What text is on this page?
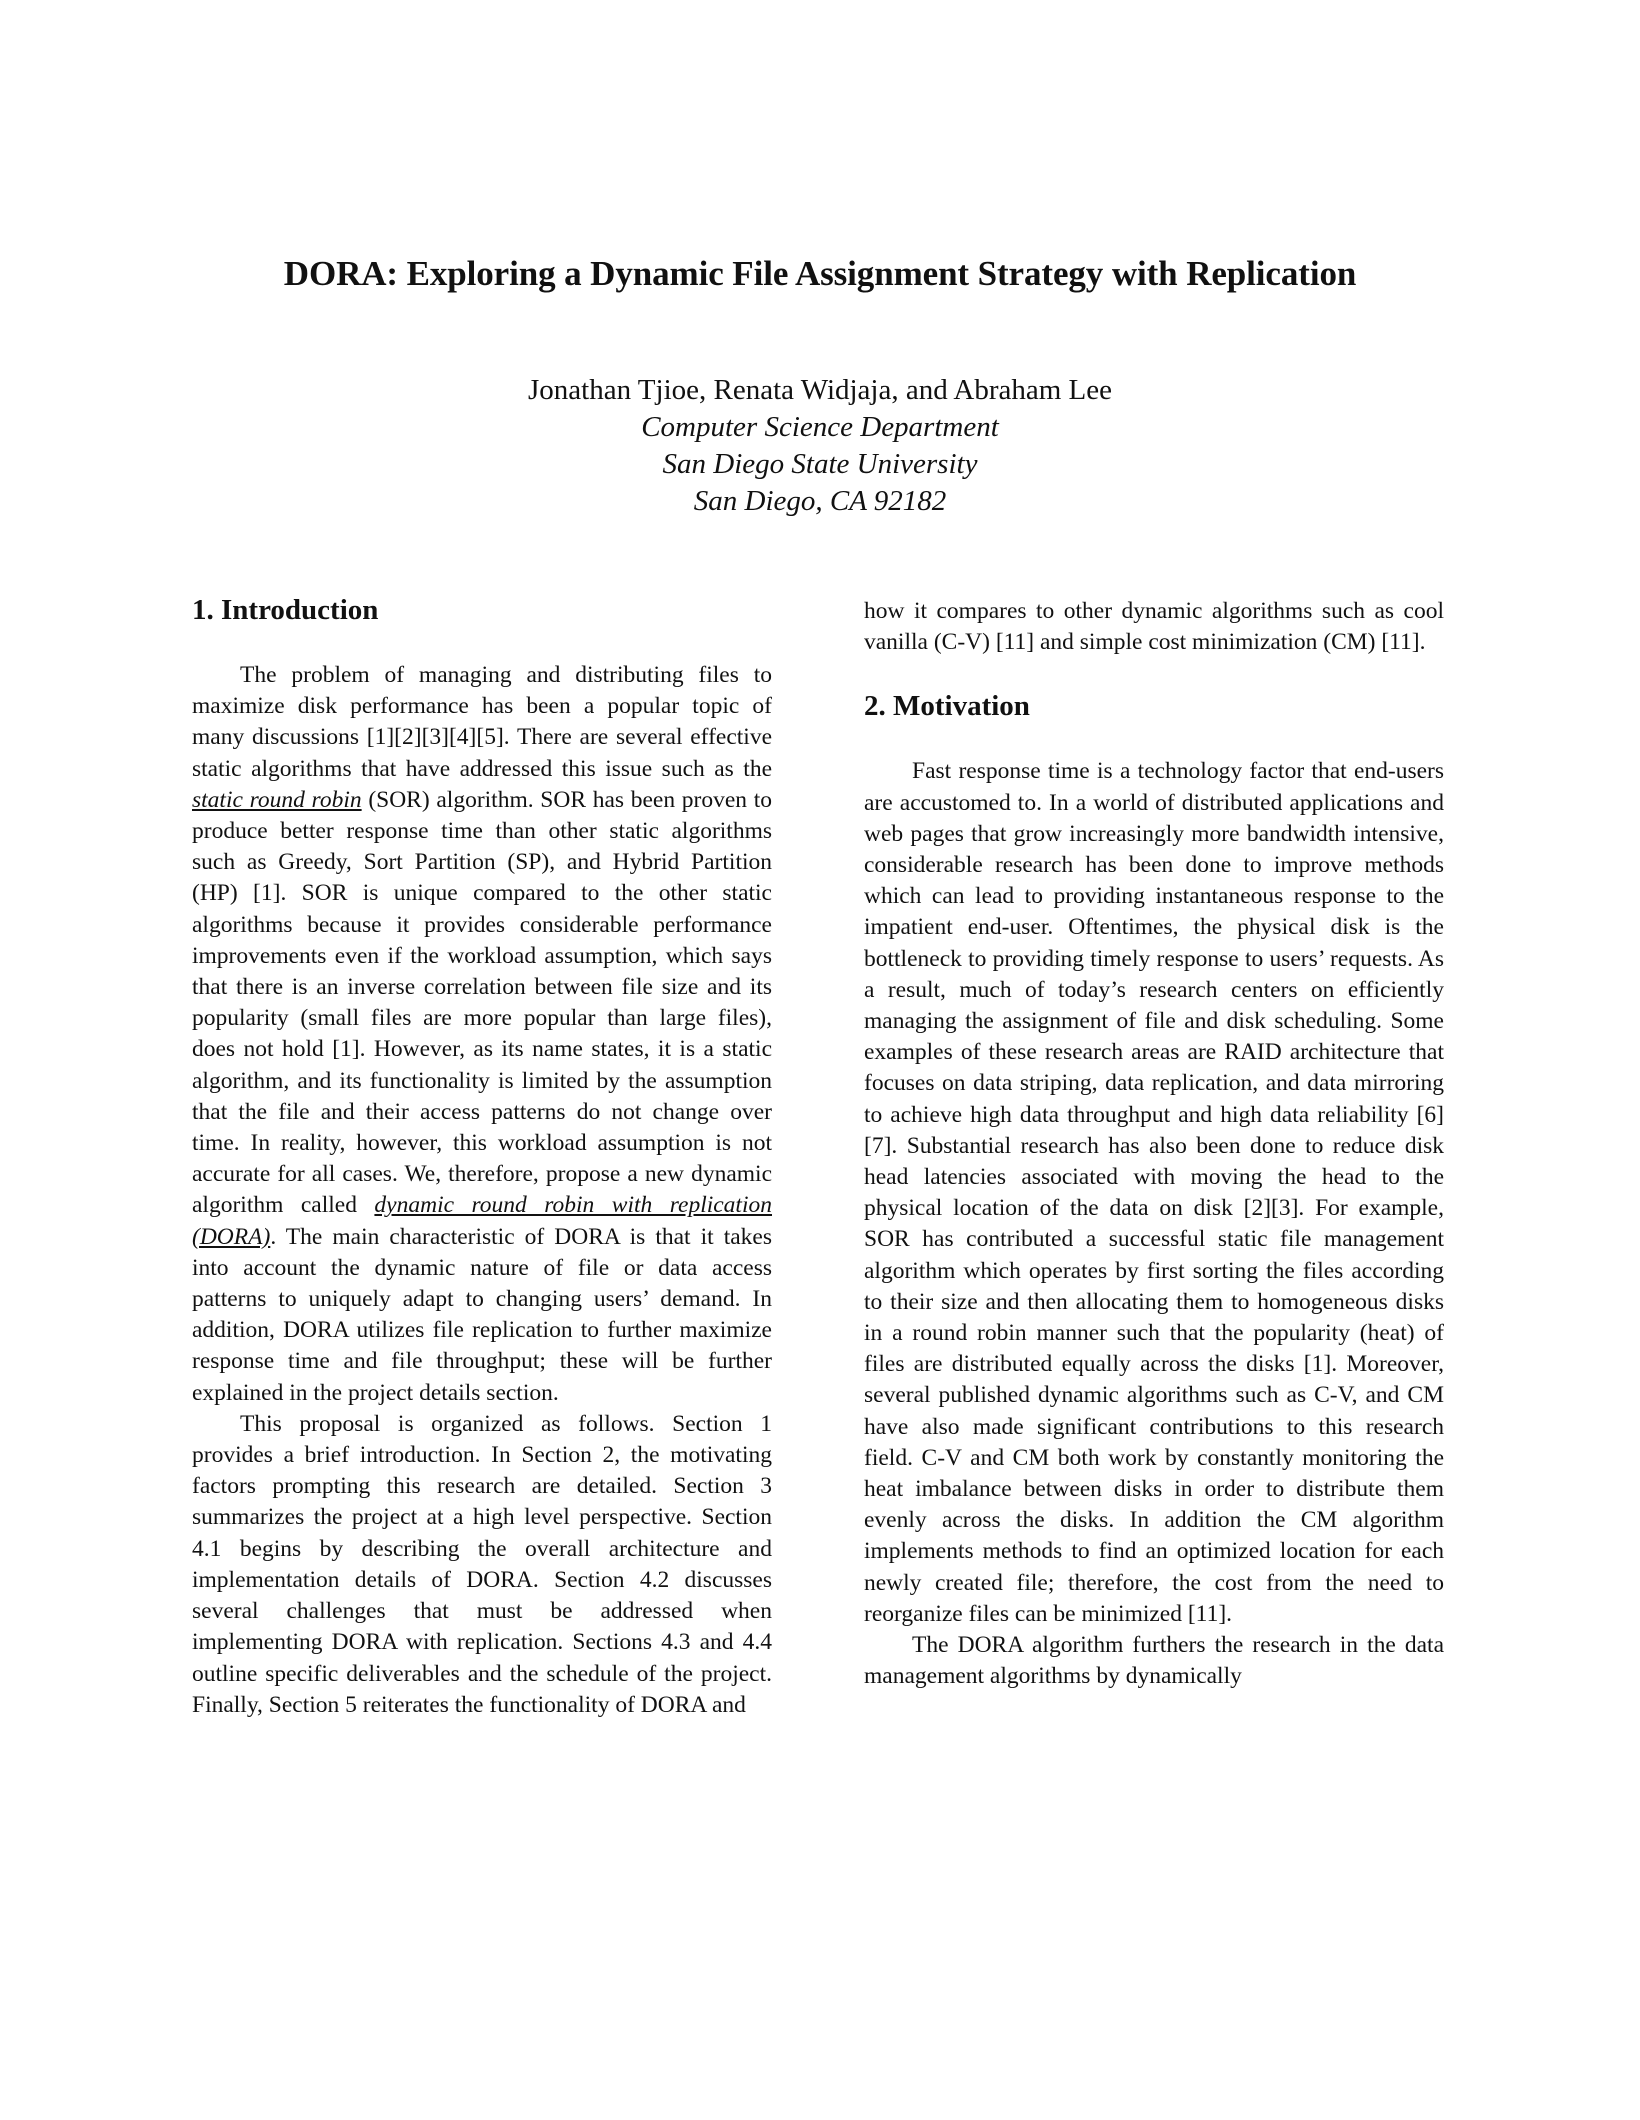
DORA: Exploring a Dynamic File Assignment Strategy with Replication
Jonathan Tjioe, Renata Widjaja, and Abraham Lee
Computer Science Department
San Diego State University
San Diego, CA 92182
1. Introduction

The problem of managing and distributing files to maximize disk performance has been a popular topic of many discussions [1][2][3][4][5]. There are several effective static algorithms that have addressed this issue such as the static round robin (SOR) algorithm. SOR has been proven to produce better response time than other static algorithms such as Greedy, Sort Partition (SP), and Hybrid Partition (HP) [1]. SOR is unique compared to the other static algorithms because it provides considerable performance improvements even if the workload assumption, which says that there is an inverse correlation between file size and its popularity (small files are more popular than large files), does not hold [1]. However, as its name states, it is a static algorithm, and its functionality is limited by the assumption that the file and their access patterns do not change over time. In reality, however, this workload assumption is not accurate for all cases. We, therefore, propose a new dynamic algorithm called dynamic round robin with replication (DORA). The main characteristic of DORA is that it takes into account the dynamic nature of file or data access patterns to uniquely adapt to changing users’ demand. In addition, DORA utilizes file replication to further maximize response time and file throughput; these will be further explained in the project details section.

This proposal is organized as follows. Section 1 provides a brief introduction. In Section 2, the motivating factors prompting this research are detailed. Section 3 summarizes the project at a high level perspective. Section 4.1 begins by describing the overall architecture and implementation details of DORA. Section 4.2 discusses several challenges that must be addressed when implementing DORA with replication. Sections 4.3 and 4.4 outline specific deliverables and the schedule of the project. Finally, Section 5 reiterates the functionality of DORA and

how it compares to other dynamic algorithms such as cool vanilla (C-V) [11] and simple cost minimization (CM) [11].

2. Motivation

Fast response time is a technology factor that end-users are accustomed to. In a world of distributed applications and web pages that grow increasingly more bandwidth intensive, considerable research has been done to improve methods which can lead to providing instantaneous response to the impatient end-user. Oftentimes, the physical disk is the bottleneck to providing timely response to users’ requests. As a result, much of today’s research centers on efficiently managing the assignment of file and disk scheduling. Some examples of these research areas are RAID architecture that focuses on data striping, data replication, and data mirroring to achieve high data throughput and high data reliability [6][7]. Substantial research has also been done to reduce disk head latencies associated with moving the head to the physical location of the data on disk [2][3]. For example, SOR has contributed a successful static file management algorithm which operates by first sorting the files according to their size and then allocating them to homogeneous disks in a round robin manner such that the popularity (heat) of files are distributed equally across the disks [1]. Moreover, several published dynamic algorithms such as C-V, and CM have also made significant contributions to this research field. C-V and CM both work by constantly monitoring the heat imbalance between disks in order to distribute them evenly across the disks. In addition the CM algorithm implements methods to find an optimized location for each newly created file; therefore, the cost from the need to reorganize files can be minimized [11].

The DORA algorithm furthers the research in the data management algorithms by dynamically
